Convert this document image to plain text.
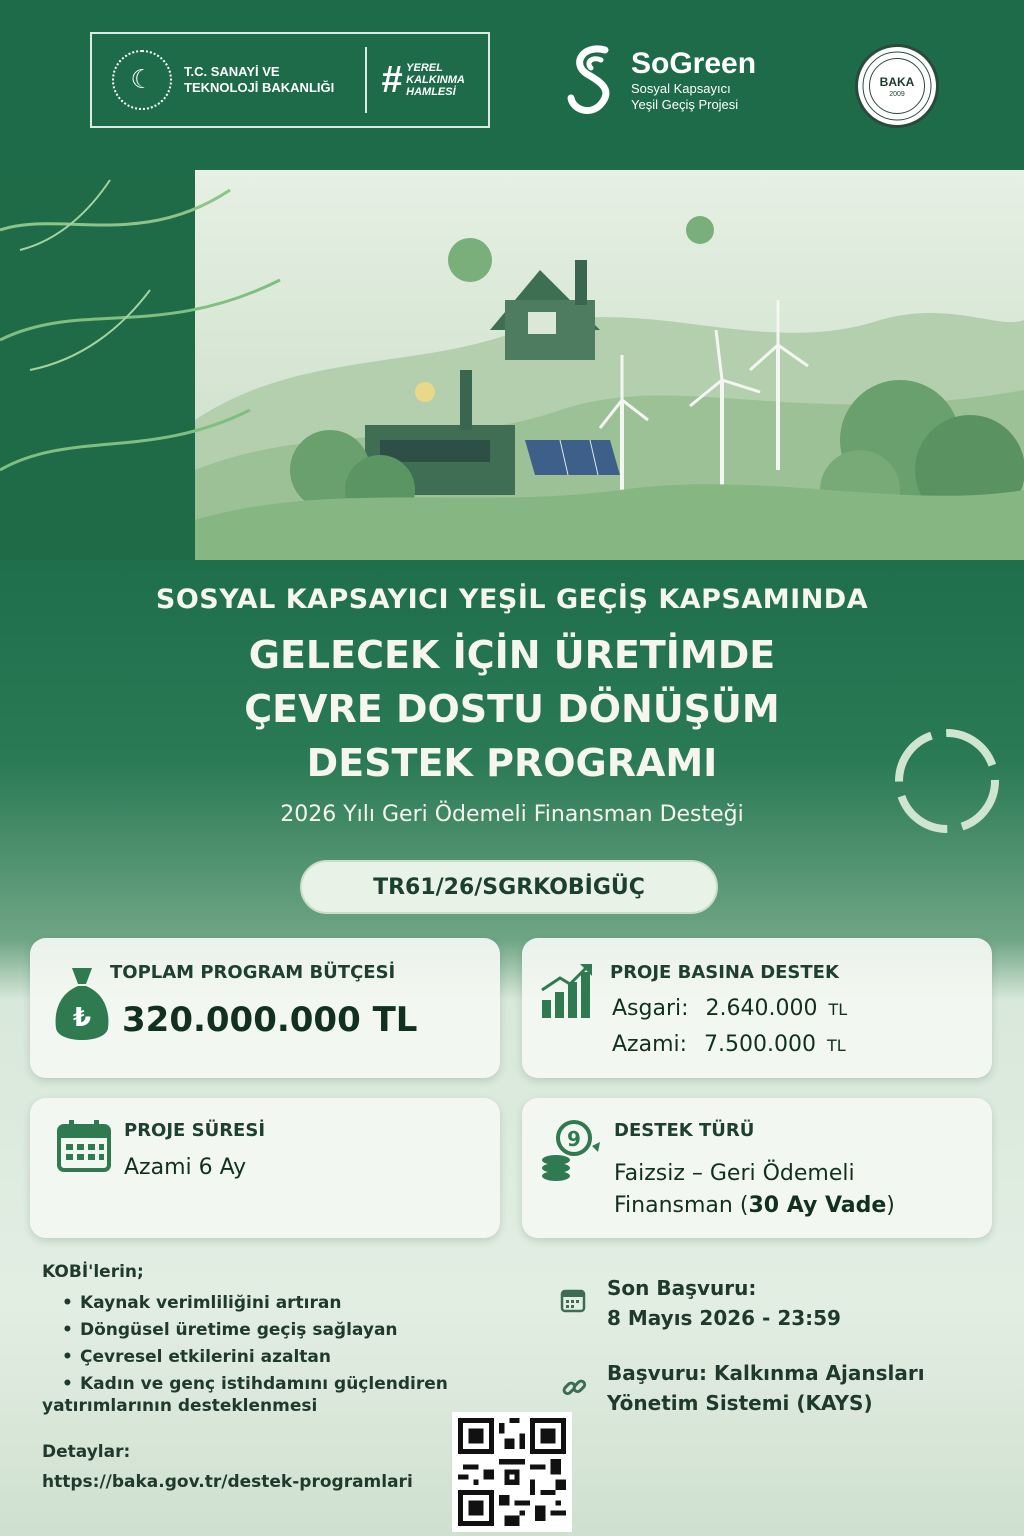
☾	T.C. SANAYİ VE
TEKNOLOJİ BAKANLIĞI	# YEREL
KALKINMA
HAMLESİ
SoGreen
Sosyal Kapsayıcı
Yeşil Geçiş Projesi
BAKA
2009
SOSYAL KAPSAYICI YEŞİL GEÇİŞ KAPSAMINDA
GELECEK İÇİN ÜRETİMDE
ÇEVRE DOSTU DÖNÜŞÜM
DESTEK PROGRAMI
2026 Yılı Geri Ödemeli Finansman Desteği
TR61/26/SGRKOBİGÜÇ
₺
TOPLAM PROGRAM BÜTÇESİ
320.000.000 TL
PROJE BASINA DESTEK
Asgari: 2.640.000 TL
Azami: 7.500.000 TL
PROJE SÜRESİ
Azami 6 Ay
9 DESTEK TÜRÜ
Faizsiz – Geri Ödemeli
Finansman (30 Ay Vade)
KOBİ'lerin;
• Kaynak verimliliğini artıran
• Döngüsel üretime geçiş sağlayan
• Çevresel etkilerini azaltan
• Kadın ve genç istihdamını güçlendiren
yatırımlarının desteklenmesi
Detaylar:
https://baka.gov.tr/destek-programlari
Son Başvuru:
8 Mayıs 2026 - 23:59
Başvuru: Kalkınma Ajansları
Yönetim Sistemi (KAYS)
